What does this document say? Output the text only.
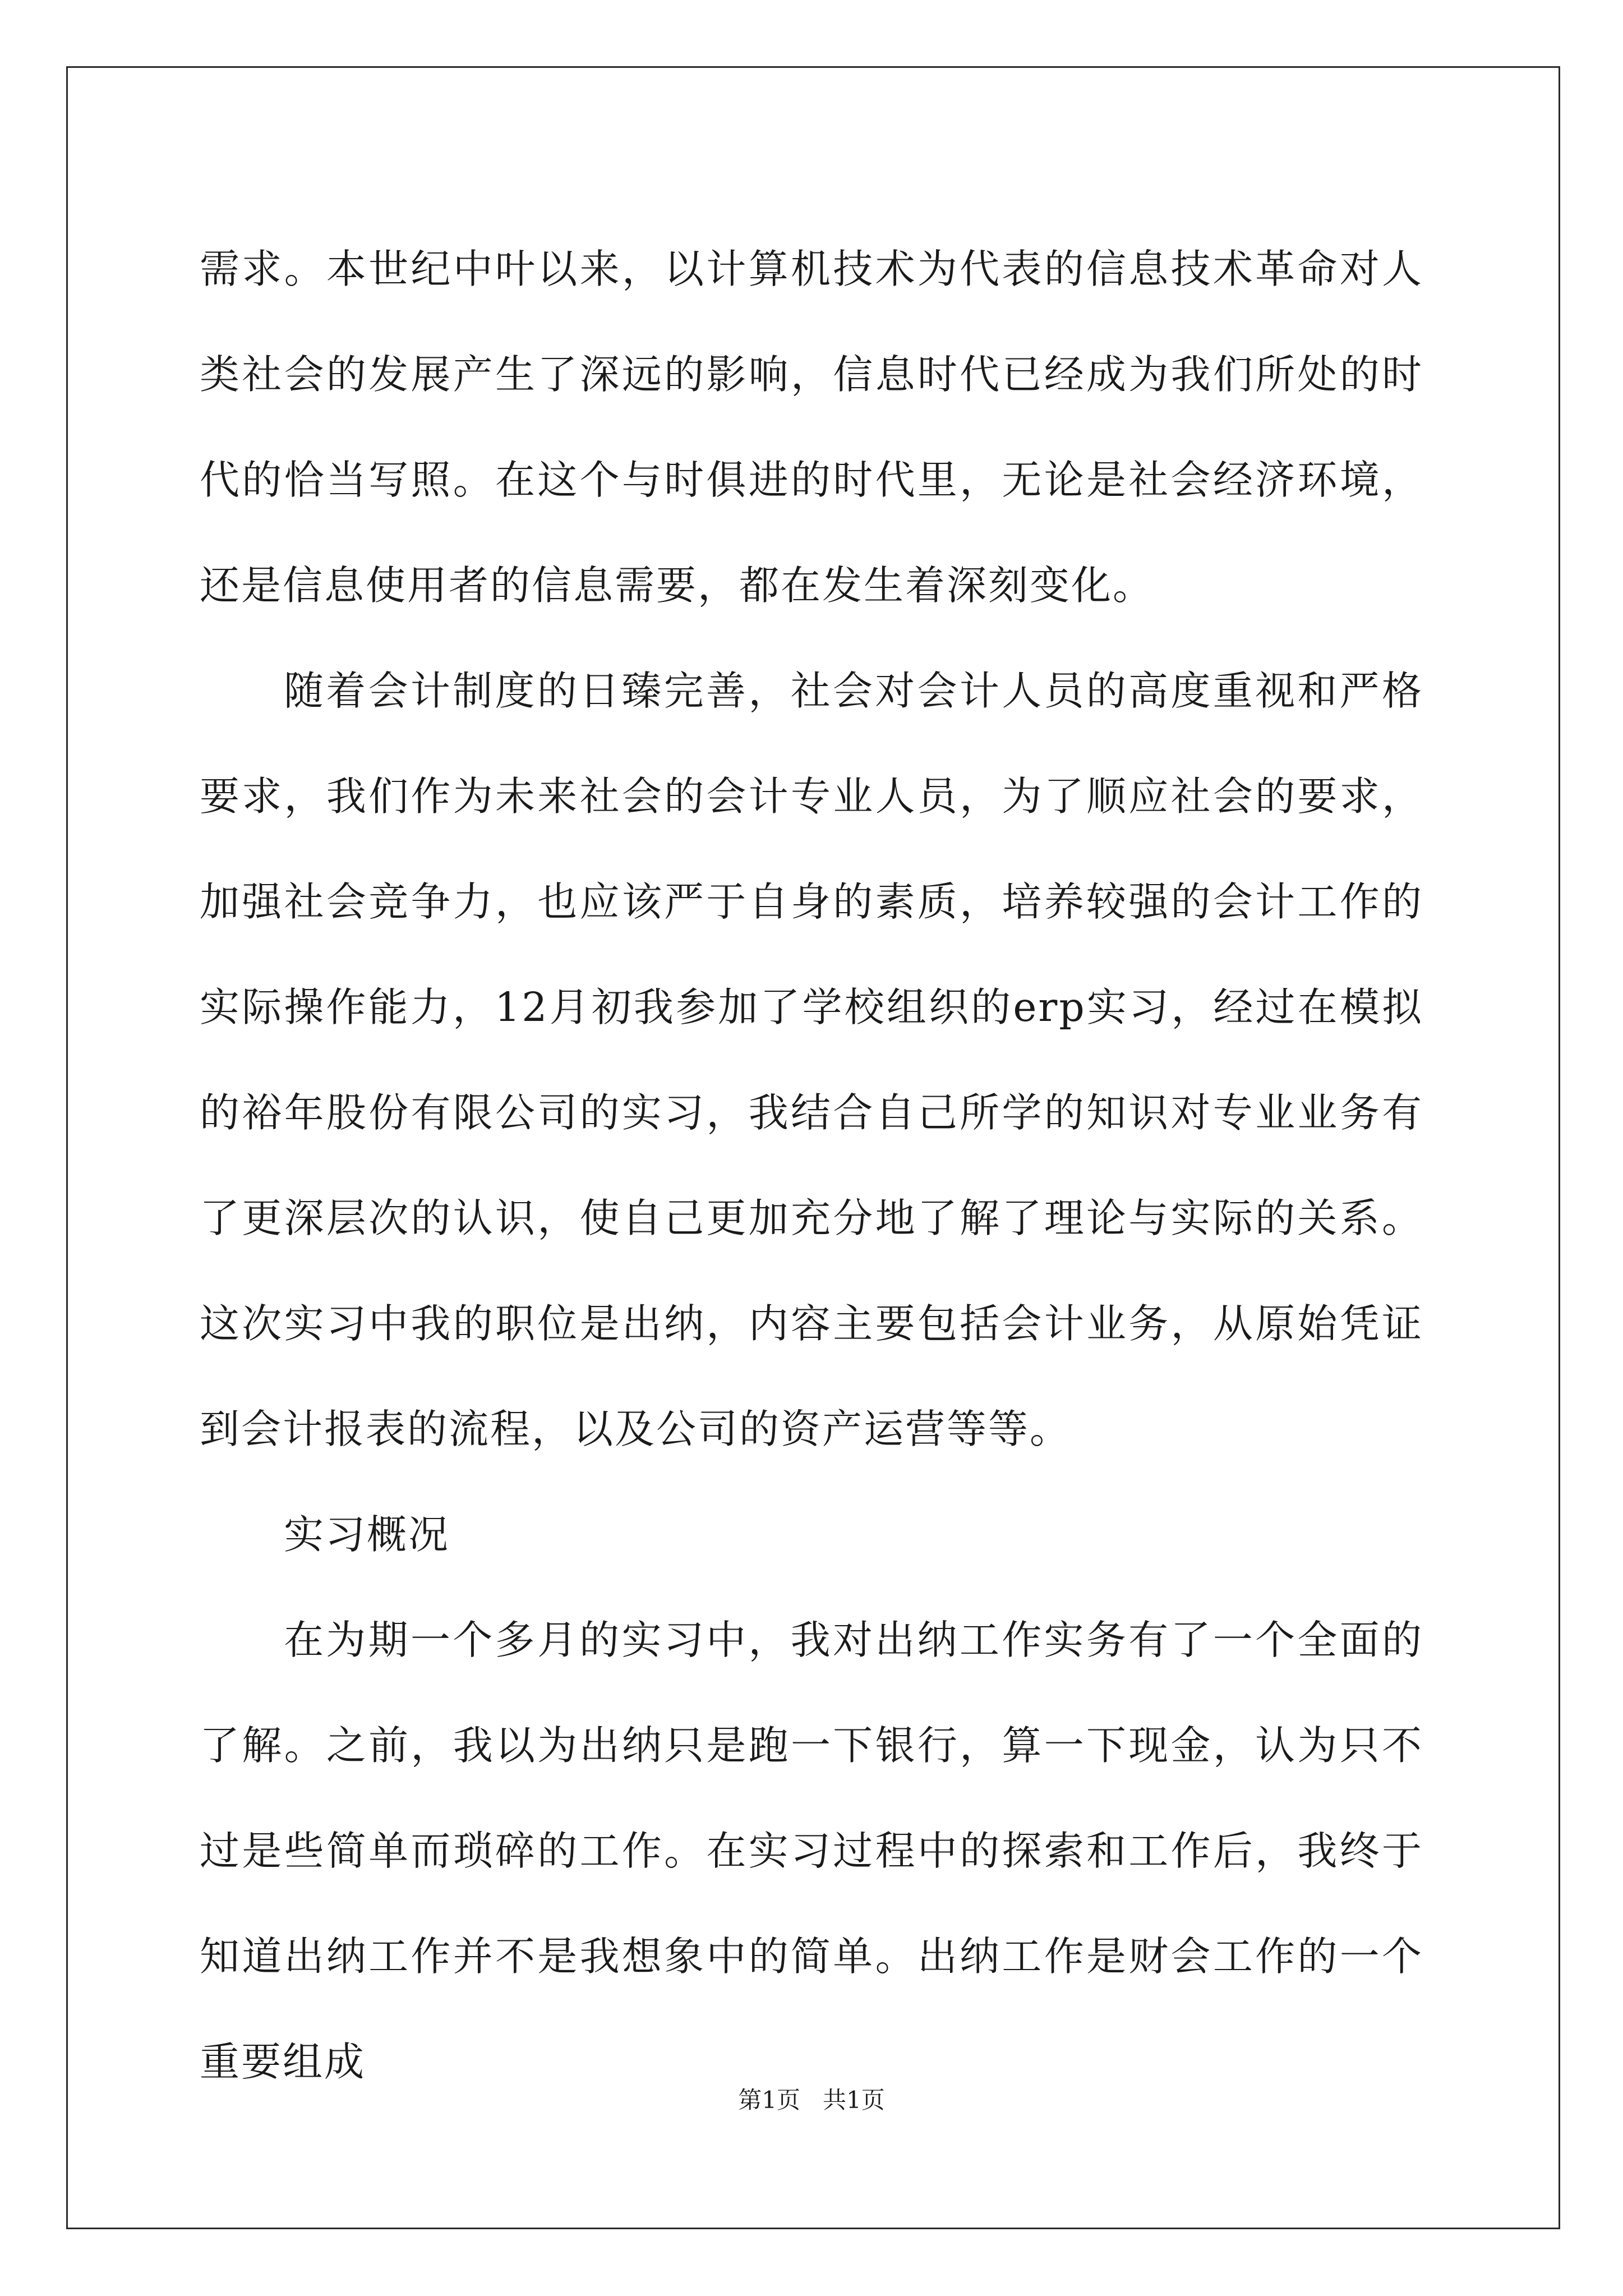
需求。本世纪中叶以来，以计算机技术为代表的信息技术革命对人类社会的发展产生了深远的影响，信息时代已经成为我们所处的时代的恰当写照。在这个与时俱进的时代里，无论是社会经济环境，还是信息使用者的信息需要，都在发生着深刻变化。

随着会计制度的日臻完善，社会对会计人员的高度重视和严格要求，我们作为未来社会的会计专业人员，为了顺应社会的要求，加强社会竞争力，也应该严于自身的素质，培养较强的会计工作的实际操作能力，12月初我参加了学校组织的erp实习，经过在模拟的裕年股份有限公司的实习，我结合自己所学的知识对专业业务有了更深层次的认识，使自己更加充分地了解了理论与实际的关系。这次实习中我的职位是出纳，内容主要包括会计业务，从原始凭证到会计报表的流程，以及公司的资产运营等等。

实习概况

在为期一个多月的实习中，我对出纳工作实务有了一个全面的了解。之前，我以为出纳只是跑一下银行，算一下现金，认为只不过是些简单而琐碎的工作。在实习过程中的探索和工作后，我终于知道出纳工作并不是我想象中的简单。出纳工作是财会工作的一个重要组成

第1页   共1页
